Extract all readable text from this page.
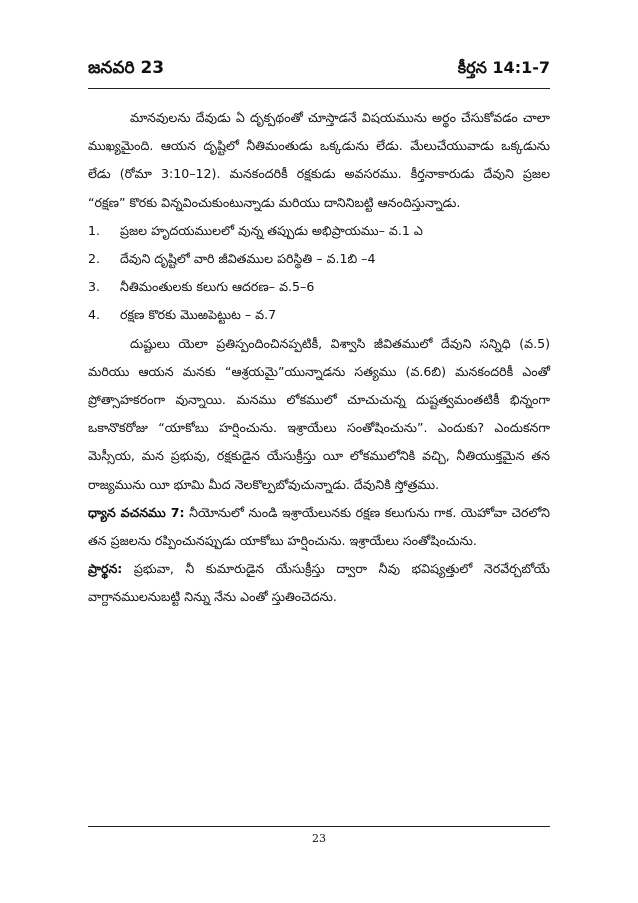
జనవరి 23	కీర్తన 14:1-7

మానవులను దేవుడు ఏ దృక్పథంతో చూస్తాడనే విషయమును అర్థం చేసుకోవడం చాలా ముఖ్యమైంది. ఆయన దృష్టిలో నీతిమంతుడు ఒక్కడును లేడు. మేలుచేయువాడు ఒక్కడును లేడు (రోమా 3:10–12). మనకందరికీ రక్షకుడు అవసరము. కీర్తనాకారుడు దేవుని ప్రజల “రక్షణ” కొరకు విన్నవించుకుంటున్నాడు మరియు దానినిబట్టి ఆనందిస్తున్నాడు.

1.	ప్రజల హృదయములలో వున్న తప్పుడు అభిప్రాయము– వ.1 ఎ
2.	దేవుని దృష్టిలో వారి జీవితముల పరిస్థితి – వ.1బి –4
3.	నీతిమంతులకు కలుగు ఆదరణ– వ.5–6
4.	రక్షణ కొరకు మొఱపెట్టుట – వ.7

దుష్టులు యెలా ప్రతిస్పందించినప్పటికీ, విశ్వాసి జీవితములో దేవుని సన్నిధి (వ.5) మరియు ఆయన మనకు “ఆశ్రయమై”యున్నాడను సత్యము (వ.6బి) మనకందరికీ ఎంతో ప్రోత్సాహకరంగా వున్నాయి. మనము లోకములో చూచుచున్న దుష్టత్వమంతటికీ భిన్నంగా ఒకానొకరోజు “యాకోబు హర్షించును. ఇశ్రాయేలు సంతోషించును”. ఎందుకు? ఎందుకనగా మెస్సీయ, మన ప్రభువు, రక్షకుడైన యేసుక్రీస్తు యీ లోకములోనికి వచ్చి, నీతియుక్తమైన తన రాజ్యమును యీ భూమి మీద నెలకొల్పబోవుచున్నాడు. దేవునికి స్తోత్రము.

ధ్యాన వచనము 7: నీయోనులో నుండి ఇశ్రాయేలునకు రక్షణ కలుగును గాక. యెహోవా చెరలోని తన ప్రజలను రప్పించునప్పుడు యాకోబు హర్షించును. ఇశ్రాయేలు సంతోషించును.

ప్రార్థన: ప్రభువా, నీ కుమారుడైన యేసుక్రీస్తు ద్వారా నీవు భవిష్యత్తులో నెరవేర్చబోయే వాగ్దానములనుబట్టి నిన్ను నేను ఎంతో స్తుతించెదను.

23
